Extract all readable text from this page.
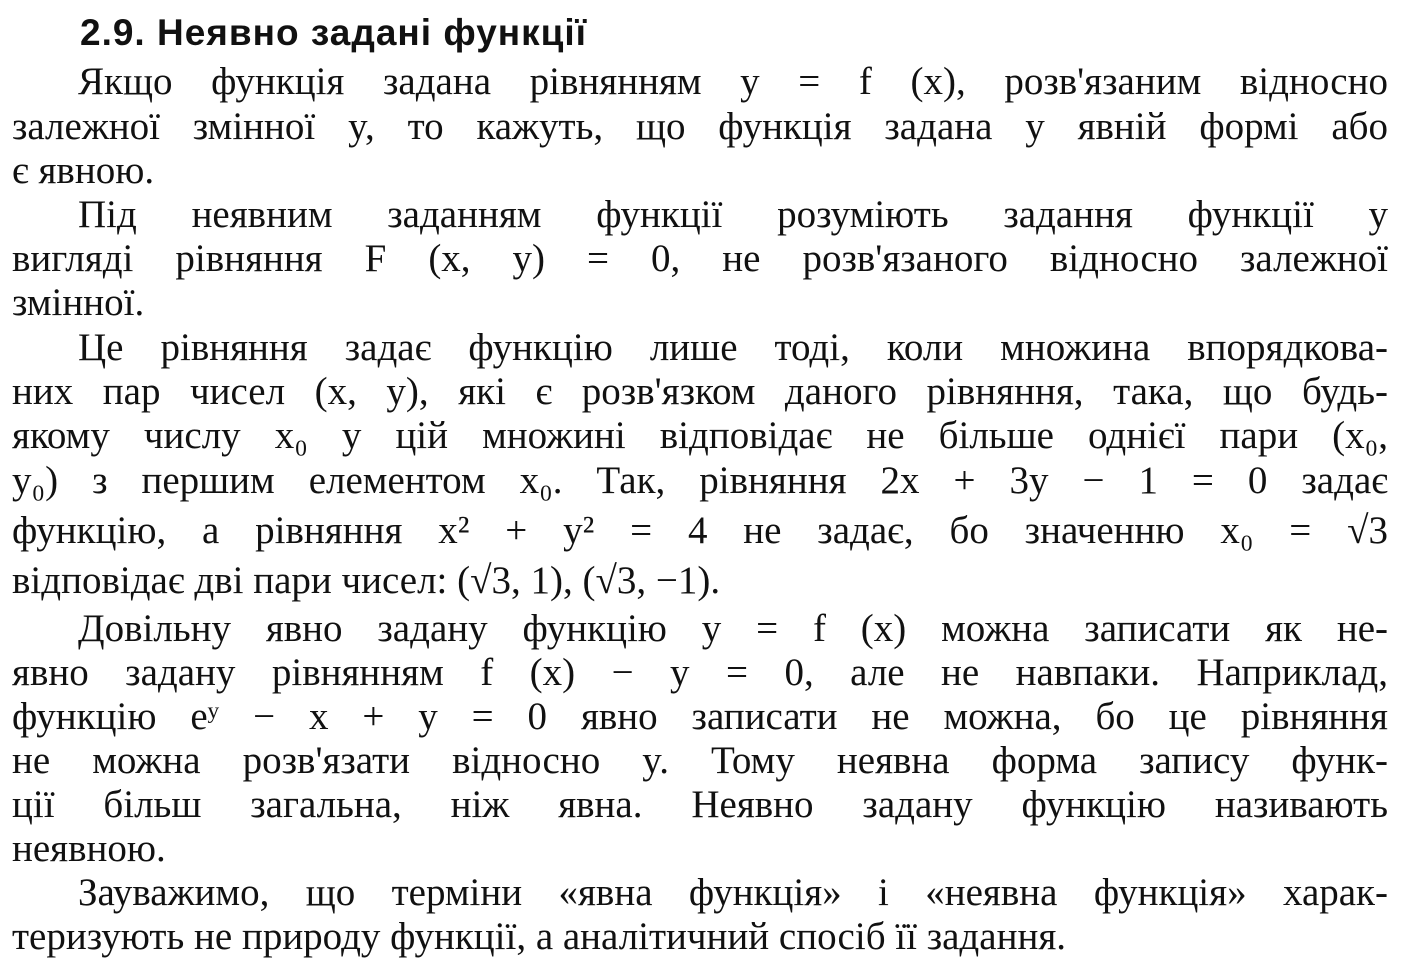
2.9. Неявно задані функції
Якщо функція задана рівнянням y = f (x), розв'язаним відносно
залежної змінної y, то кажуть, що функція задана у явній формі або
є явною.
Під неявним заданням функції розуміють задання функції у
вигляді рівняння F (x, y) = 0, не розв'язаного відносно залежної
змінної.
Це рівняння задає функцію лише тоді, коли множина впорядкова-
них пар чисел (x, y), які є розв'язком даного рівняння, така, що будь-
якому числу x₀ у цій множині відповідає не більше однієї пари (x₀,
y₀) з першим елементом x₀. Так, рівняння 2x + 3y − 1 = 0 задає
функцію, а рівняння x² + y² = 4 не задає, бо значенню x₀ = √3
відповідає дві пари чисел: (√3, 1), (√3, −1).
Довільну явно задану функцію y = f (x) можна записати як не-
явно задану рівнянням f (x) − y = 0, але не навпаки. Наприклад,
функцію eʸ − x + y = 0 явно записати не можна, бо це рівняння
не можна розв'язати відносно y. Тому неявна форма запису функ-
ції більш загальна, ніж явна. Неявно задану функцію називають
неявною.
Зауважимо, що терміни «явна функція» і «неявна функція» харак-
теризують не природу функції, а аналітичний спосіб її задання.
